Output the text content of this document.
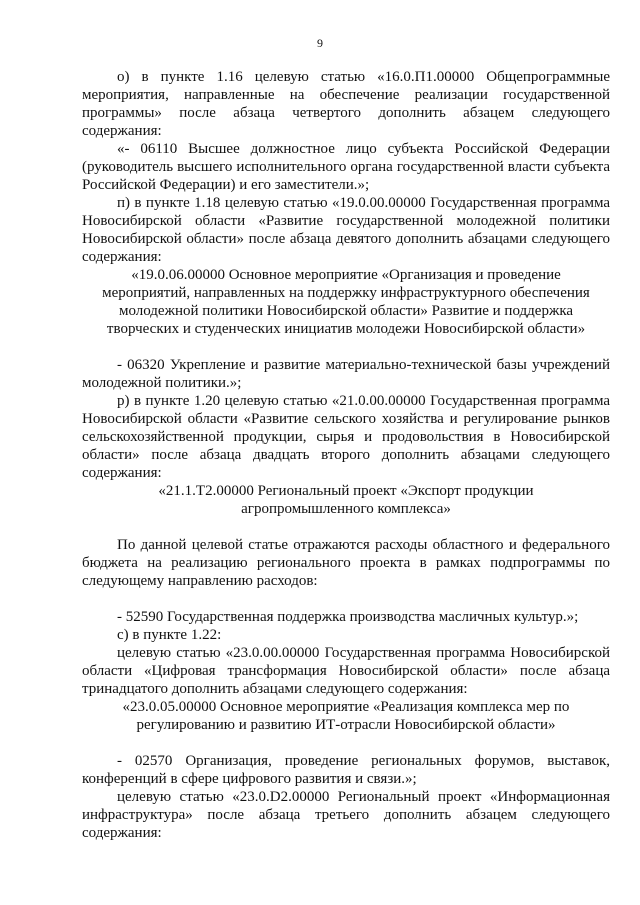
9

о) в пункте 1.16 целевую статью «16.0.П1.00000 Общепрограммные мероприятия, направленные на обеспечение реализации государственной программы» после абзаца четвертого дополнить абзацем следующего содержания:

«- 06110 Высшее должностное лицо субъекта Российской Федерации (руководитель высшего исполнительного органа государственной власти субъекта Российской Федерации) и его заместители.»;

п) в пункте 1.18 целевую статью «19.0.00.00000 Государственная программа Новосибирской области «Развитие государственной молодежной политики Новосибирской области» после абзаца девятого дополнить абзацами следующего содержания:

«19.0.06.00000 Основное мероприятие «Организация и проведение мероприятий, направленных на поддержку инфраструктурного обеспечения молодежной политики Новосибирской области» Развитие и поддержка творческих и студенческих инициатив молодежи Новосибирской области»

- 06320 Укрепление и развитие материально-технической базы учреждений молодежной политики.»;

р) в пункте 1.20 целевую статью «21.0.00.00000 Государственная программа Новосибирской области «Развитие сельского хозяйства и регулирование рынков сельскохозяйственной продукции, сырья и продовольствия в Новосибирской области» после абзаца двадцать второго дополнить абзацами следующего содержания:

«21.1.T2.00000 Региональный проект «Экспорт продукции агропромышленного комплекса»

По данной целевой статье отражаются расходы областного и федерального бюджета на реализацию регионального проекта в рамках подпрограммы по следующему направлению расходов:

- 52590 Государственная поддержка производства масличных культур.»;

с) в пункте 1.22:

целевую статью «23.0.00.00000 Государственная программа Новосибирской области «Цифровая трансформация Новосибирской области» после абзаца тринадцатого дополнить абзацами следующего содержания:

«23.0.05.00000 Основное мероприятие «Реализация комплекса мер по регулированию и развитию ИТ-отрасли Новосибирской области»

- 02570 Организация, проведение региональных форумов, выставок, конференций в сфере цифрового развития и связи.»;

целевую статью «23.0.D2.00000 Региональный проект «Информационная инфраструктура» после абзаца третьего дополнить абзацем следующего содержания:
